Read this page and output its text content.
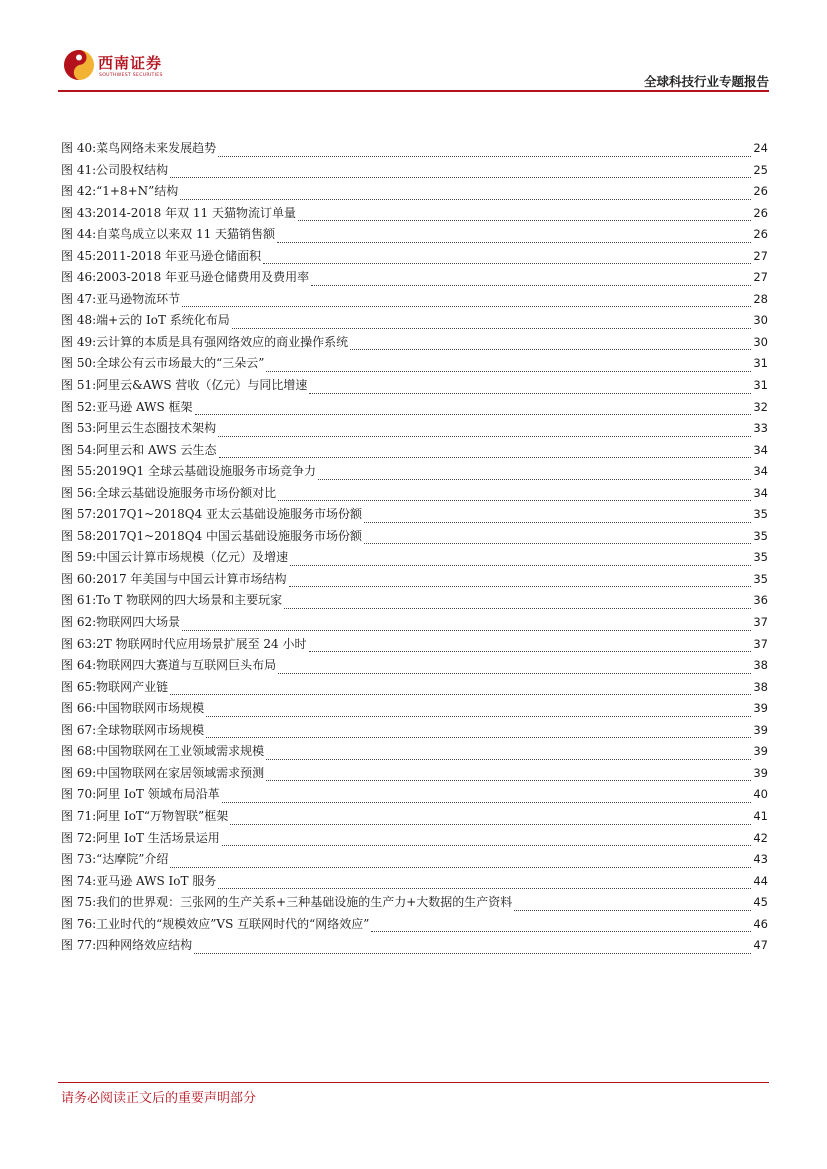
西南证券
SOUTHWEST SECURITIES	全球科技行业专题报告
图 40: 菜鸟网络未来发展趋势	24
图 41: 公司股权结构	25
图 42: “1+8+N”结构	26
图 43: 2014-2018 年双 11 天猫物流订单量	26
图 44: 自菜鸟成立以来双 11 天猫销售额	26
图 45: 2011-2018 年亚马逊仓储面积	27
图 46: 2003-2018 年亚马逊仓储费用及费用率	27
图 47: 亚马逊物流环节	28
图 48: 端+云的 IoT 系统化布局	30
图 49: 云计算的本质是具有强网络效应的商业操作系统	30
图 50: 全球公有云市场最大的“三朵云”	31
图 51: 阿里云&AWS 营收（亿元）与同比增速	31
图 52: 亚马逊 AWS 框架	32
图 53: 阿里云生态圈技术架构	33
图 54: 阿里云和 AWS 云生态	34
图 55: 2019Q1 全球云基础设施服务市场竞争力	34
图 56: 全球云基础设施服务市场份额对比	34
图 57: 2017Q1~2018Q4 亚太云基础设施服务市场份额	35
图 58: 2017Q1~2018Q4 中国云基础设施服务市场份额	35
图 59: 中国云计算市场规模（亿元）及增速	35
图 60: 2017 年美国与中国云计算市场结构	35
图 61: To T 物联网的四大场景和主要玩家	36
图 62: 物联网四大场景	37
图 63: 2T 物联网时代应用场景扩展至 24 小时	37
图 64: 物联网四大赛道与互联网巨头布局	38
图 65: 物联网产业链	38
图 66: 中国物联网市场规模	39
图 67: 全球物联网市场规模	39
图 68: 中国物联网在工业领域需求规模	39
图 69: 中国物联网在家居领域需求预测	39
图 70: 阿里 IoT 领域布局沿革	40
图 71: 阿里 IoT“万物智联”框架	41
图 72: 阿里 IoT 生活场景运用	42
图 73: “达摩院”介绍	43
图 74: 亚马逊 AWS IoT 服务	44
图 75: 我们的世界观：三张网的生产关系+三种基础设施的生产力+大数据的生产资料	45
图 76: 工业时代的“规模效应”VS 互联网时代的“网络效应”	46
图 77: 四种网络效应结构	47
请务必阅读正文后的重要声明部分
